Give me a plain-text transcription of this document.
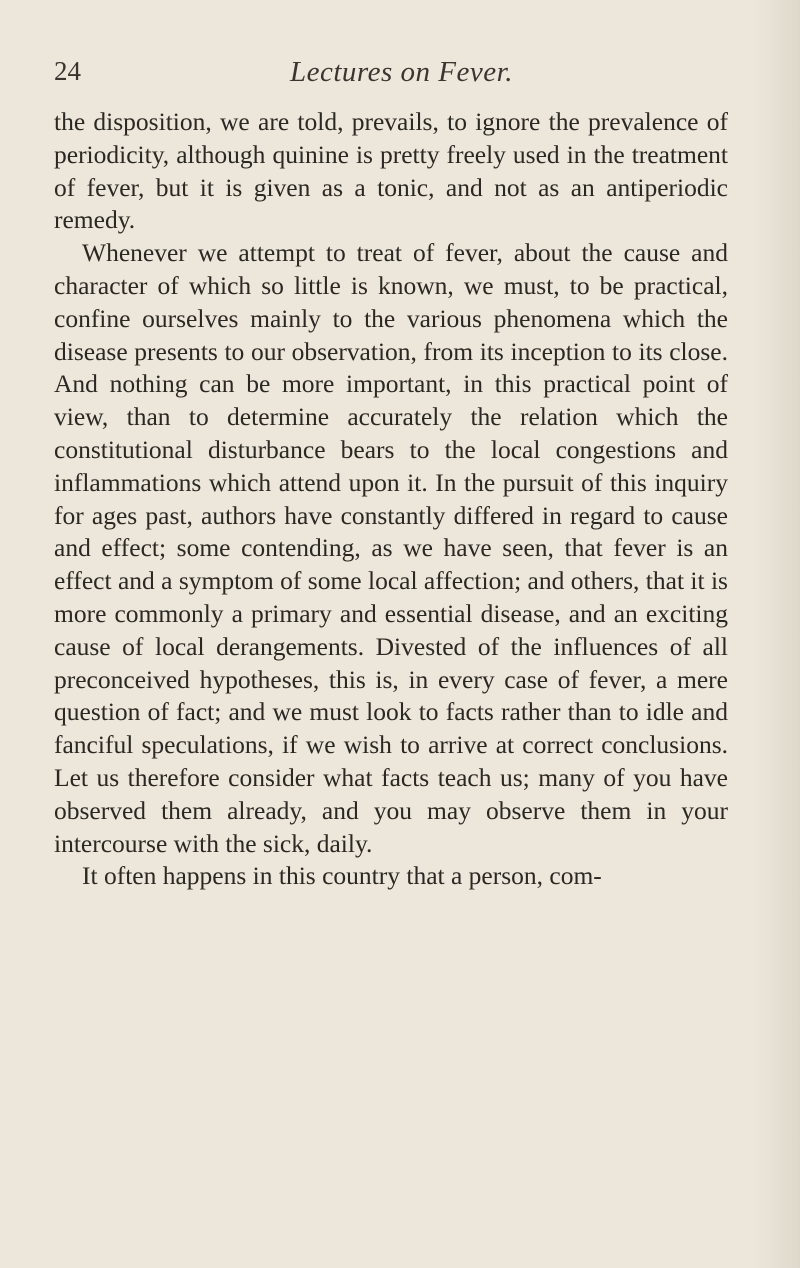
24	Lectures on Fever.

the disposition, we are told, prevails, to ignore the prevalence of periodicity, although quinine is pretty freely used in the treatment of fever, but it is given as a tonic, and not as an antiperiodic remedy.

Whenever we attempt to treat of fever, about the cause and character of which so little is known, we must, to be practical, confine ourselves mainly to the various phenomena which the disease presents to our observation, from its inception to its close. And nothing can be more important, in this practical point of view, than to determine accurately the relation which the constitutional disturbance bears to the local congestions and inflammations which attend upon it. In the pursuit of this inquiry for ages past, authors have constantly differed in regard to cause and effect; some contending, as we have seen, that fever is an effect and a symptom of some local affection; and others, that it is more commonly a primary and essential disease, and an exciting cause of local derangements. Divested of the influences of all preconceived hypotheses, this is, in every case of fever, a mere question of fact; and we must look to facts rather than to idle and fanciful speculations, if we wish to arrive at correct conclusions. Let us therefore consider what facts teach us; many of you have observed them already, and you may observe them in your intercourse with the sick, daily.

It often happens in this country that a person, com-
